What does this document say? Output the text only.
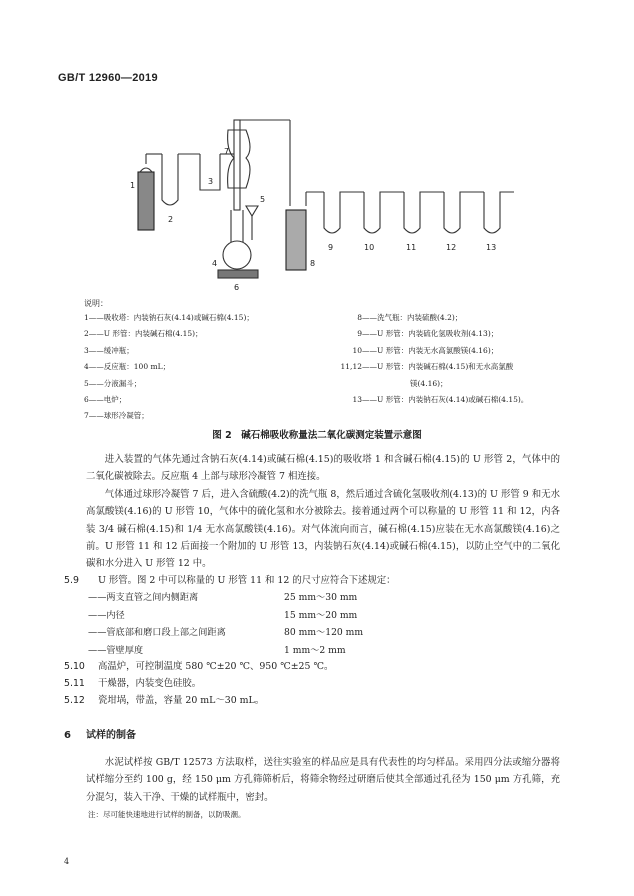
GB/T 12960—2019
1
2
3
4
5
6
7
8
9	10	11	12	13
说明：
1——吸收塔：内装钠石灰(4.14)或碱石棉(4.15)；
2——U 形管：内装碱石棉(4.15)；
3——缓冲瓶；
4——反应瓶：100 mL；
5——分液漏斗；
6——电炉；
7——球形冷凝管；
8——洗气瓶：内装硫酸(4.2)；
9——U 形管：内装硫化氢吸收剂(4.13)；
10——U 形管：内装无水高氯酸镁(4.16)；
11,12——U 形管：内装碱石棉(4.15)和无水高氯酸
镁(4.16)；
13——U 形管：内装钠石灰(4.14)或碱石棉(4.15)。
图 2　碱石棉吸收称量法二氧化碳测定装置示意图

进入装置的气体先通过含钠石灰(4.14)或碱石棉(4.15)的吸收塔 1 和含碱石棉(4.15)的 U 形管 2，气体中的二氧化碳被除去。反应瓶 4 上部与球形冷凝管 7 相连接。

气体通过球形冷凝管 7 后，进入含硫酸(4.2)的洗气瓶 8，然后通过含硫化氢吸收剂(4.13)的 U 形管 9 和无水高氯酸镁(4.16)的 U 形管 10，气体中的硫化氢和水分被除去。接着通过两个可以称量的 U 形管 11 和 12，内各装 3/4 碱石棉(4.15)和 1/4 无水高氯酸镁(4.16)。对气体流向而言，碱石棉(4.15)应装在无水高氯酸镁(4.16)之前。U 形管 11 和 12 后面接一个附加的 U 形管 13，内装钠石灰(4.14)或碱石棉(4.15)，以防止空气中的二氧化碳和水分进入 U 形管 12 中。

5.9 U 形管。图 2 中可以称量的 U 形管 11 和 12 的尺寸应符合下述规定：
——两支直管之间内侧距离	25 mm～30 mm
——内径	15 mm～20 mm
——管底部和磨口段上部之间距离	80 mm～120 mm
——管壁厚度	1 mm～2 mm
5.10 高温炉，可控制温度 580 ℃±20 ℃、950 ℃±25 ℃。
5.11 干燥器，内装变色硅胶。
5.12 瓷坩埚，带盖，容量 20 mL～30 mL。
6 试样的制备

水泥试样按 GB/T 12573 方法取样，送往实验室的样品应是具有代表性的均匀样品。采用四分法或缩分器将试样缩分至约 100 g，经 150 μm 方孔筛筛析后，将筛余物经过研磨后使其全部通过孔径为 150 μm 方孔筛，充分混匀，装入干净、干燥的试样瓶中，密封。

注：尽可能快速地进行试样的制备，以防吸潮。
4
